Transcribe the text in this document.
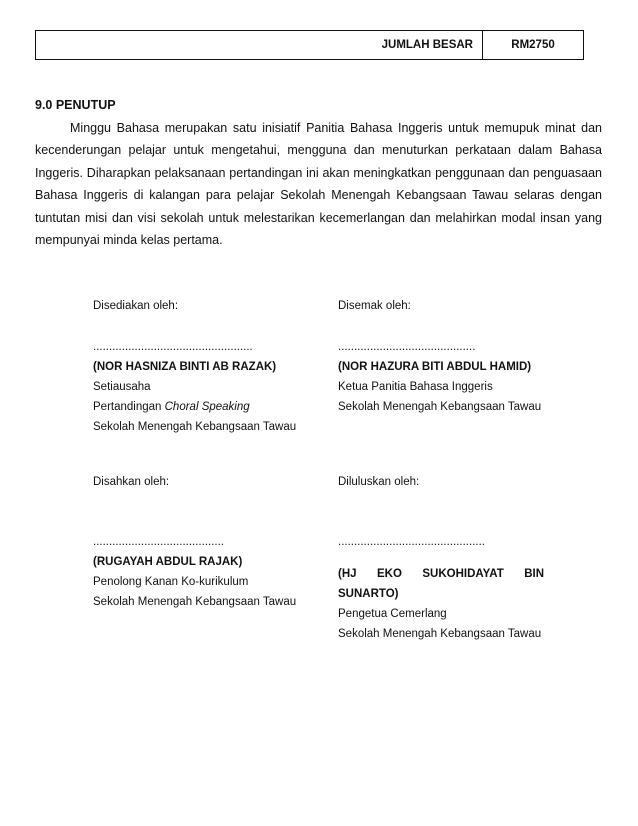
JUMLAH BESAR	RM2750
9.0 PENUTUP

Minggu Bahasa merupakan satu inisiatif Panitia Bahasa Inggeris untuk memupuk minat dan kecenderungan pelajar untuk mengetahui, mengguna dan menuturkan perkataan dalam Bahasa Inggeris. Diharapkan pelaksanaan pertandingan ini akan meningkatkan penggunaan dan penguasaan Bahasa Inggeris di kalangan para pelajar Sekolah Menengah Kebangsaan Tawau selaras dengan tuntutan misi dan visi sekolah untuk melestarikan kecemerlangan dan melahirkan modal insan yang mempunyai minda kelas pertama.

Disediakan oleh:
..................................................
(NOR HASNIZA BINTI AB RAZAK)
Setiausaha
Pertandingan Choral Speaking
Sekolah Menengah Kebangsaan Tawau
Disemak oleh:
...........................................
(NOR HAZURA BITI ABDUL HAMID)
Ketua Panitia Bahasa Inggeris
Sekolah Menengah Kebangsaan Tawau
Disahkan oleh:
.........................................
(RUGAYAH ABDUL RAJAK)
Penolong Kanan Ko-kurikulum
Sekolah Menengah Kebangsaan Tawau
Diluluskan oleh:
..............................................
(HJ EKO SUKOHIDAYAT BIN SUNARTO)
Pengetua Cemerlang
Sekolah Menengah Kebangsaan Tawau
